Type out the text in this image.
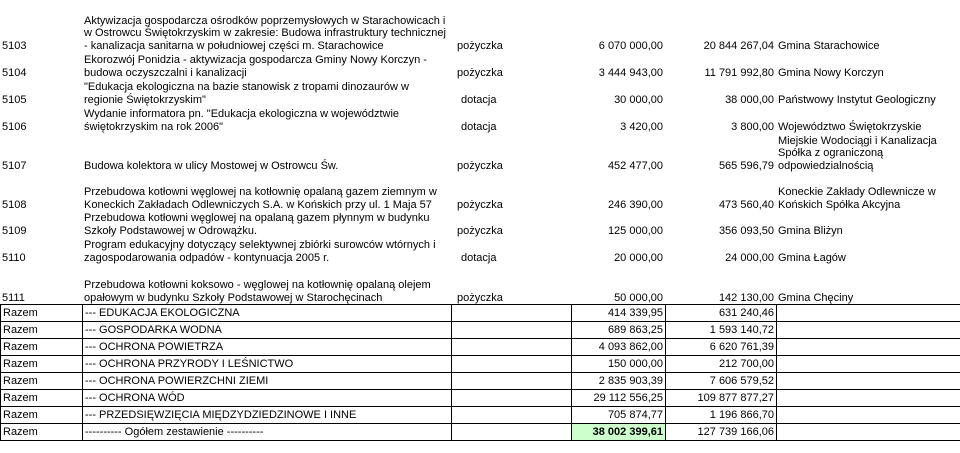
5103	Aktywizacja gospodarcza ośrodków poprzemysłowych w Starachowicach i w Ostrowcu Świętokrzyskim w zakresie: Budowa infrastruktury technicznej - kanalizacja sanitarna w południowej części m. Starachowice	pożyczka	6 070 000,00	20 844 267,04	Gmina Starachowice
5104	Ekorozwój Ponidzia - aktywizacja gospodarcza Gminy Nowy Korczyn - budowa oczyszczalni i kanalizacji	pożyczka	3 444 943,00	11 791 992,80	Gmina Nowy Korczyn
5105	"Edukacja ekologiczna na bazie stanowisk z tropami dinozaurów w regionie Świętokrzyskim"	dotacja	30 000,00	38 000,00	Państwowy Instytut Geologiczny
5106	Wydanie informatora pn. "Edukacja ekologiczna w województwie świętokrzyskim na rok 2006"	dotacja	3 420,00	3 800,00	Województwo Świętokrzyskie
5107	Budowa kolektora w ulicy Mostowej w Ostrowcu Św.	pożyczka	452 477,00	565 596,79	Miejskie Wodociągi i Kanalizacja Spółka z ograniczoną odpowiedzialnością
5108	Przebudowa kotłowni węglowej na kotłownię opalaną gazem ziemnym w Koneckich Zakładach Odlewniczych S.A. w Końskich przy ul. 1 Maja 57	pożyczka	246 390,00	473 560,40	Koneckie Zakłady Odlewnicze w Końskich Spółka Akcyjna
5109	Przebudowa kotłowni węglowej na opalaną gazem płynnym w budynku Szkoły Podstawowej w Odrowążku.	pożyczka	125 000,00	356 093,50	Gmina Bliżyn
5110	Program edukacyjny dotyczący selektywnej zbiórki surowców wtórnych i zagospodarowania odpadów - kontynuacja 2005 r.	dotacja	20 000,00	24 000,00	Gmina Łagów
5111	Przebudowa kotłowni koksowo - węglowej na kotłownię opalaną olejem opałowym w budynku Szkoły Podstawowej w Starochęcinach	pożyczka	50 000,00	142 130,00	Gmina Chęciny
Razem	--- EDUKACJA EKOLOGICZNA		414 339,95	631 240,46	
Razem	--- GOSPODARKA WODNA		689 863,25	1 593 140,72	
Razem	--- OCHRONA POWIETRZA		4 093 862,00	6 620 761,39	
Razem	--- OCHRONA PRZYRODY I LEŚNICTWO		150 000,00	212 700,00	
Razem	--- OCHRONA POWIERZCHNI ZIEMI		2 835 903,39	7 606 579,52	
Razem	--- OCHRONA WÓD		29 112 556,25	109 877 877,27	
Razem	--- PRZEDSIĘWZIĘCIA MIĘDZYDZIEDZINOWE I INNE		705 874,77	1 196 866,70	
Razem	---------- Ogółem zestawienie ----------		38 002 399,61	127 739 166,06	
